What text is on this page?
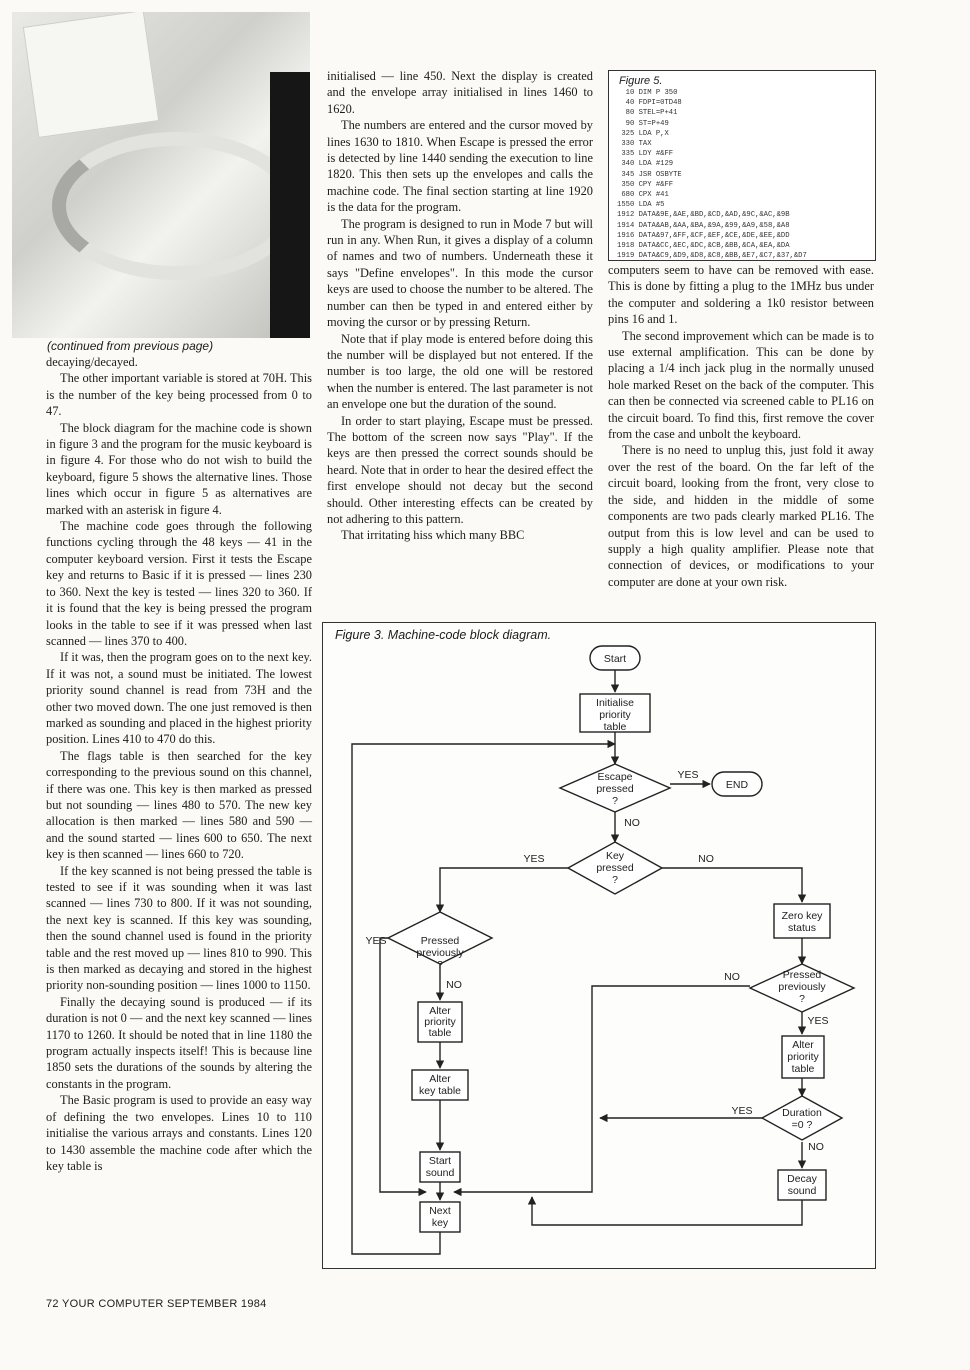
(continued from previous page)

decaying/decayed.

The other important variable is stored at 70H. This is the number of the key being processed from 0 to 47.

The block diagram for the machine code is shown in figure 3 and the program for the music keyboard is in figure 4. For those who do not wish to build the keyboard, figure 5 shows the alternative lines. Those lines which occur in figure 5 as alternatives are marked with an asterisk in figure 4.

The machine code goes through the following functions cycling through the 48 keys — 41 in the computer keyboard version. First it tests the Escape key and returns to Basic if it is pressed — lines 230 to 360. Next the key is tested — lines 320 to 360. If it is found that the key is being pressed the program looks in the table to see if it was pressed when last scanned — lines 370 to 400.

If it was, then the program goes on to the next key. If it was not, a sound must be initiated. The lowest priority sound channel is read from 73H and the other two moved down. The one just removed is then marked as sounding and placed in the highest priority position. Lines 410 to 470 do this.

The flags table is then searched for the key corresponding to the previous sound on this channel, if there was one. This key is then marked as pressed but not sounding — lines 480 to 570. The new key allocation is then marked — lines 580 and 590 — and the sound started — lines 600 to 650. The next key is then scanned — lines 660 to 720.

If the key scanned is not being pressed the table is tested to see if it was sounding when it was last scanned — lines 730 to 800. If it was not sounding, the next key is scanned. If this key was sounding, then the sound channel used is found in the priority table and the rest moved up — lines 810 to 990. This is then marked as decaying and stored in the highest priority non-sounding position — lines 1000 to 1150.

Finally the decaying sound is produced — if its duration is not 0 — and the next key scanned — lines 1170 to 1260. It should be noted that in line 1180 the program actually inspects itself! This is because line 1850 sets the durations of the sounds by altering the constants in the program.

The Basic program is used to provide an easy way of defining the two envelopes. Lines 10 to 110 initialise the various arrays and constants. Lines 120 to 1430 assemble the machine code after which the key table is

initialised — line 450. Next the display is created and the envelope array initialised in lines 1460 to 1620.

The numbers are entered and the cursor moved by lines 1630 to 1810. When Escape is pressed the error is detected by line 1440 sending the execution to line 1820. This then sets up the envelopes and calls the machine code. The final section starting at line 1920 is the data for the program.

The program is designed to run in Mode 7 but will run in any. When Run, it gives a display of a column of names and two of numbers. Underneath these it says "Define envelopes". In this mode the cursor keys are used to choose the number to be altered. The number can then be typed in and entered either by moving the cursor or by pressing Return.

Note that if play mode is entered before doing this the number will be displayed but not entered. If the number is too large, the old one will be restored when the number is entered. The last parameter is not an envelope one but the duration of the sound.

In order to start playing, Escape must be pressed. The bottom of the screen now says "Play". If the keys are then pressed the correct sounds should be heard. Note that in order to hear the desired effect the first envelope should not decay but the second should. Other interesting effects can be created by not adhering to this pattern.

That irritating hiss which many BBC

Figure 5.
10 DIM P 350
40 FDPI=0TD48
80 STEL=P+41
90 ST=P+49
325 LDA P,X
330 TAX
335 LDY #&FF
340 LDA #129
345 JSR OSBYTE
350 CPY #&FF
680 CPX #41
1550 LDA #5
1912 DATA&9E,&AE,&BD,&CD,&AD,&9C,&AC,&9B
1914 DATA&AB,&AA,&BA,&9A,&99,&A9,&58,&A8
1916 DATA&97,&FF,&CF,&EF,&CE,&DE,&EE,&DD
1918 DATA&CC,&EC,&DC,&CB,&BB,&CA,&EA,&DA
1919 DATA&C9,&D9,&D8,&C8,&BB,&E7,&C7,&37,&D7

computers seem to have can be removed with ease. This is done by fitting a plug to the 1MHz bus under the computer and soldering a 1k0 resistor between pins 16 and 1.

The second improvement which can be made is to use external amplification. This can be done by placing a 1/4 inch jack plug in the normally unused hole marked Reset on the back of the computer. This can then be connected via screened cable to PL16 on the circuit board. To find this, first remove the cover from the case and unbolt the keyboard.

There is no need to unplug this, just fold it away over the rest of the board. On the far left of the circuit board, looking from the front, very close to the side, and hidden in the middle of some components are two pads clearly marked PL16. The output from this is low level and can be used to supply a high quality amplifier. Please note that connection of devices, or modifications to your computer are done at your own risk.

Figure 3. Machine-code block diagram.
Start
Initialise
priority
table
Escape
pressed
?
YES
END
NO
Key
pressed
?
YES	NO
Pressed
previously
?
YES
NO
Alter
priority
table
Alter
key table
Start
sound
Next
key
Zero key
status
NO	Pressed
previously
?
YES
Alter
priority
table
Duration
=0 ?
YES
NO
Decay
sound
72 YOUR COMPUTER SEPTEMBER 1984
